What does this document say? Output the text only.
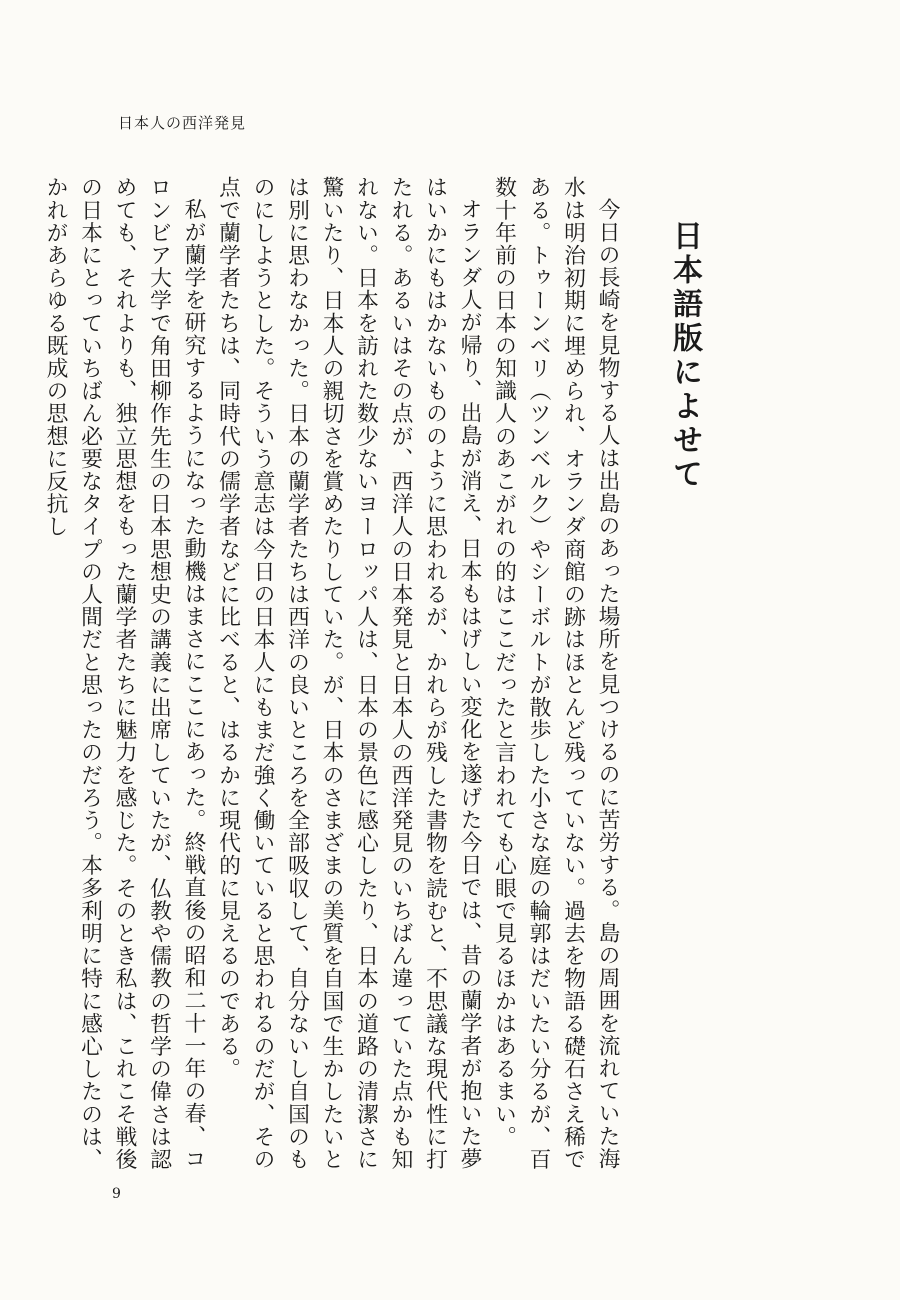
日本人の西洋発見
日本語版によせて

今日の長崎を見物する人は出島のあった場所を見つけるのに苦労する。島の周囲を流れていた海水は明治初期に埋められ、オランダ商館の跡はほとんど残っていない。過去を物語る礎石さえ稀である。トゥーンベリ（ツンベルク）やシーボルトが散歩した小さな庭の輪郭はだいたい分るが、百数十年前の日本の知識人のあこがれの的はここだったと言われても心眼で見るほかはあるまい。

オランダ人が帰り、出島が消え、日本もはげしい変化を遂げた今日では、昔の蘭学者が抱いた夢はいかにもはかないもののように思われるが、かれらが残した書物を読むと、不思議な現代性に打たれる。あるいはその点が、西洋人の日本発見と日本人の西洋発見のいちばん違っていた点かも知れない。日本を訪れた数少ないヨーロッパ人は、日本の景色に感心したり、日本の道路の清潔さに驚いたり、日本人の親切さを賞めたりしていた。が、日本のさまざまの美質を自国で生かしたいとは別に思わなかった。日本の蘭学者たちは西洋の良いところを全部吸収して、自分ないし自国のものにしようとした。そういう意志は今日の日本人にもまだ強く働いていると思われるのだが、その点で蘭学者たちは、同時代の儒学者などに比べると、はるかに現代的に見えるのである。

私が蘭学を研究するようになった動機はまさにここにあった。終戦直後の昭和二十一年の春、コロンビア大学で角田柳作先生の日本思想史の講義に出席していたが、仏教や儒教の哲学の偉さは認めても、それよりも、独立思想をもった蘭学者たちに魅力を感じた。そのとき私は、これこそ戦後の日本にとっていちばん必要なタイプの人間だと思ったのだろう。本多利明に特に感心したのは、かれがあらゆる既成の思想に反抗し

9
